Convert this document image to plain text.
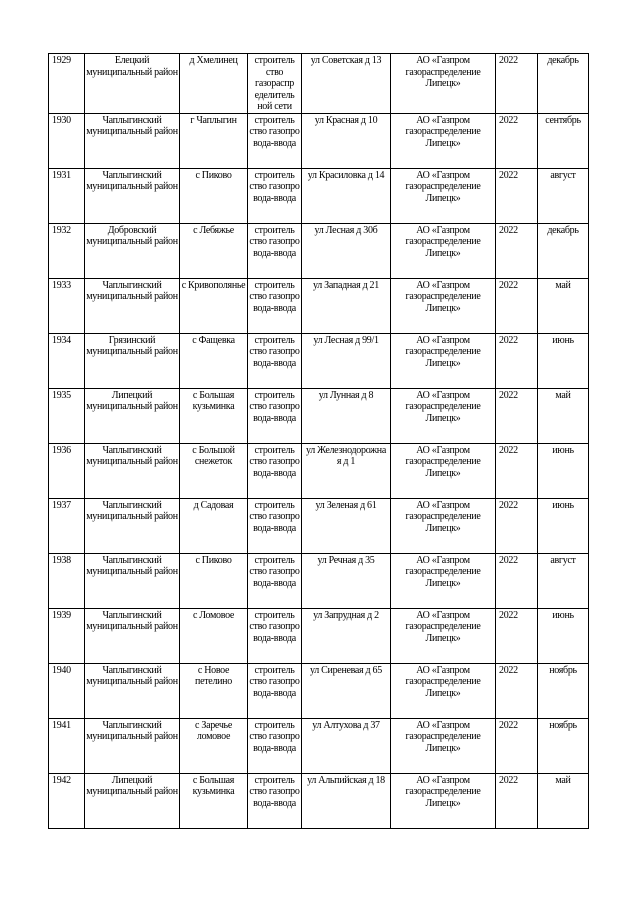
1929	Елецкий муниципальный район	д Хмелинец	строитель ство газораспр еделитель ной сети	ул Советская д 13	АО «Газпром газораспределение Липецк»	2022	декабрь
1930	Чаплыгинский муниципальный район	г Чаплыгин	строитель ство газопро вода-ввода	ул Красная д 10	АО «Газпром газораспределение Липецк»	2022	сентябрь
1931	Чаплыгинский муниципальный район	с Пиково	строитель ство газопро вода-ввода	ул Красиловка д 14	АО «Газпром газораспределение Липецк»	2022	август
1932	Добровский муниципальный район	с Лебяжье	строитель ство газопро вода-ввода	ул Лесная д 30б	АО «Газпром газораспределение Липецк»	2022	декабрь
1933	Чаплыгинский муниципальный район	с Кривополянье	строитель ство газопро вода-ввода	ул Западная д 21	АО «Газпром газораспределение Липецк»	2022	май
1934	Грязинский муниципальный район	с Фащевка	строитель ство газопро вода-ввода	ул Лесная д 99/1	АО «Газпром газораспределение Липецк»	2022	июнь
1935	Липецкий муниципальный район	с Большая кузьминка	строитель ство газопро вода-ввода	ул Лунная д 8	АО «Газпром газораспределение Липецк»	2022	май
1936	Чаплыгинский муниципальный район	с Большой снежеток	строитель ство газопро вода-ввода	ул Железнодорожна я д 1	АО «Газпром газораспределение Липецк»	2022	июнь
1937	Чаплыгинский муниципальный район	д Садовая	строитель ство газопро вода-ввода	ул Зеленая д 61	АО «Газпром газораспределение Липецк»	2022	июнь
1938	Чаплыгинский муниципальный район	с Пиково	строитель ство газопро вода-ввода	ул Речная д 35	АО «Газпром газораспределение Липецк»	2022	август
1939	Чаплыгинский муниципальный район	с Ломовое	строитель ство газопро вода-ввода	ул Запрудная д 2	АО «Газпром газораспределение Липецк»	2022	июнь
1940	Чаплыгинский муниципальный район	с Новое петелино	строитель ство газопро вода-ввода	ул Сиреневая д 65	АО «Газпром газораспределение Липецк»	2022	ноябрь
1941	Чаплыгинский муниципальный район	с Заречье ломовое	строитель ство газопро вода-ввода	ул Алтухова д 37	АО «Газпром газораспределение Липецк»	2022	ноябрь
1942	Липецкий муниципальный район	с Большая кузьминка	строитель ство газопро вода-ввода	ул Альпийская д 18	АО «Газпром газораспределение Липецк»	2022	май
